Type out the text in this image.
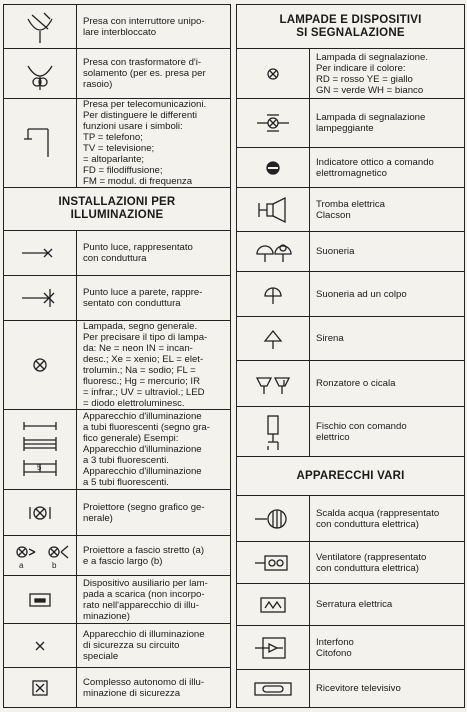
Presa con interruttore unipo-
lare interbloccato
Presa con trasformatore d'i-
solamento (per es. presa per
rasoio)
Presa per telecomunicazioni.
Per distinguere le differenti
funzioni usare i simboli:
TP = telefono;
TV = televisione;
= altoparlante;
FD = filodiffusione;
FM = modul. di frequenza
INSTALLAZIONI PER
ILLUMINAZIONE
Punto luce, rappresentato
con conduttura
Punto luce a parete, rappre-
sentato con conduttura
Lampada, segno generale.
Per precisare il tipo di lampa-
da: Ne = neon IN = incan-
desc.; Xe = xenio; EL = elet-
trolumin.; Na = sodio; FL =
fluoresc.; Hg = mercurio; IR
= infrar.; UV = ultraviol.; LED
= diodo elettroluminesc.
5
Apparecchio d'illuminazione
a tubi fluorescenti (segno gra-
fico generale) Esempi:
Apparecchio d'illuminazione
a 3 tubi fluorescenti.
Apparecchio d'illuminazione
a 5 tubi fluorescenti.
Proiettore (segno grafico ge-
nerale)
a	b
Proiettore a fascio stretto (a)
e a fascio largo (b)
Dispositivo ausiliario per lam-
pada a scarica (non incorpo-
rato nell'apparecchio di illu-
minazione)
Apparecchio di illuminazione
di sicurezza su circuito
speciale
Complesso autonomo di illu-
minazione di sicurezza
LAMPADE E DISPOSITIVI
SI SEGNALAZIONE
Lampada di segnalazione.
Per indicare il colore:
RD = rosso YE = giallo
GN = verde WH = bianco
Lampada di segnalazione
lampeggiante
Indicatore ottico a comando
elettromagnetico
Tromba elettrica
Clacson
Suoneria
Suoneria ad un colpo
Sirena
Ronzatore o cicala
Fischio con comando
elettrico
APPARECCHI VARI
Scalda acqua (rappresentato
con conduttura elettrica)
Ventilatore (rappresentato
con conduttura elettrica)
Serratura elettrica
Interfono
Citofono
Ricevitore televisivo
